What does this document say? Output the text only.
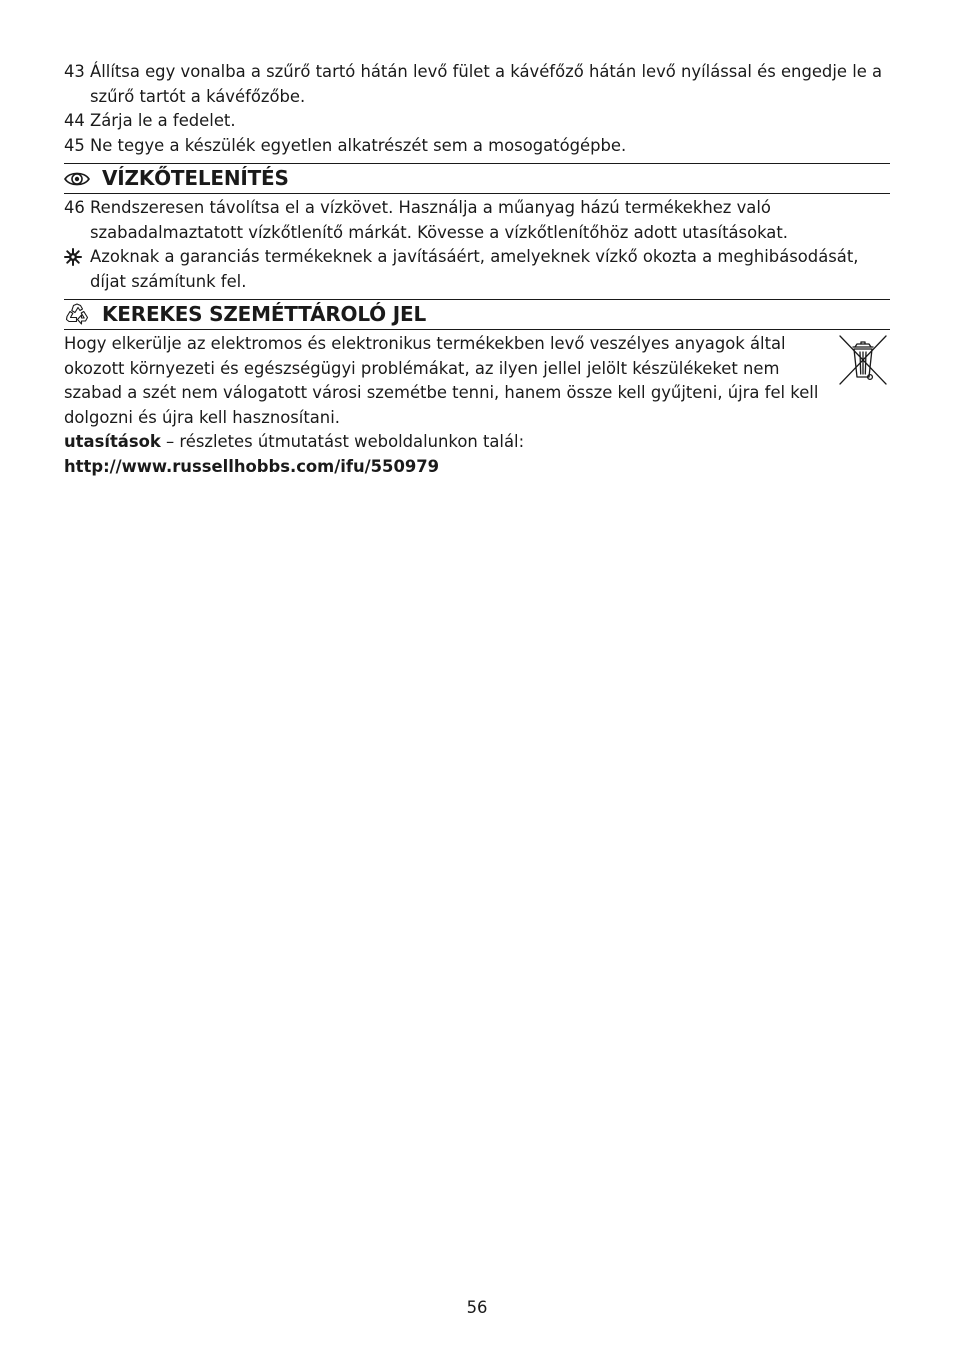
43 Állítsa egy vonalba a szűrő tartó hátán levő fület a kávéfőző hátán levő nyílással és engedje le a szűrő tartót a kávéfőzőbe.
44 Zárja le a fedelet.
45 Ne tegye a készülék egyetlen alkatrészét sem a mosogatógépbe.
VÍZKŐTELENÍTÉS
46 Rendszeresen távolítsa el a vízkövet. Használja a műanyag házú termékekhez való szabadalmaztatott vízkőtlenítő márkát. Kövesse a vízkőtlenítőhöz adott utasításokat.
Azoknak a garanciás termékeknek a javításáért, amelyeknek vízkő okozta a meghibásodását, díjat számítunk fel.
KEREKES SZEMÉTTÁROLÓ JEL
Hogy elkerülje az elektromos és elektronikus termékekben levő veszélyes anyagok által okozott környezeti és egészségügyi problémákat, az ilyen jellel jelölt készülékeket nem szabad a szét nem válogatott városi szemétbe tenni, hanem össze kell gyűjteni, újra fel kell dolgozni és újra kell hasznosítani.
utasítások – részletes útmutatást weboldalunkon talál:
http://www.russellhobbs.com/ifu/550979
56
